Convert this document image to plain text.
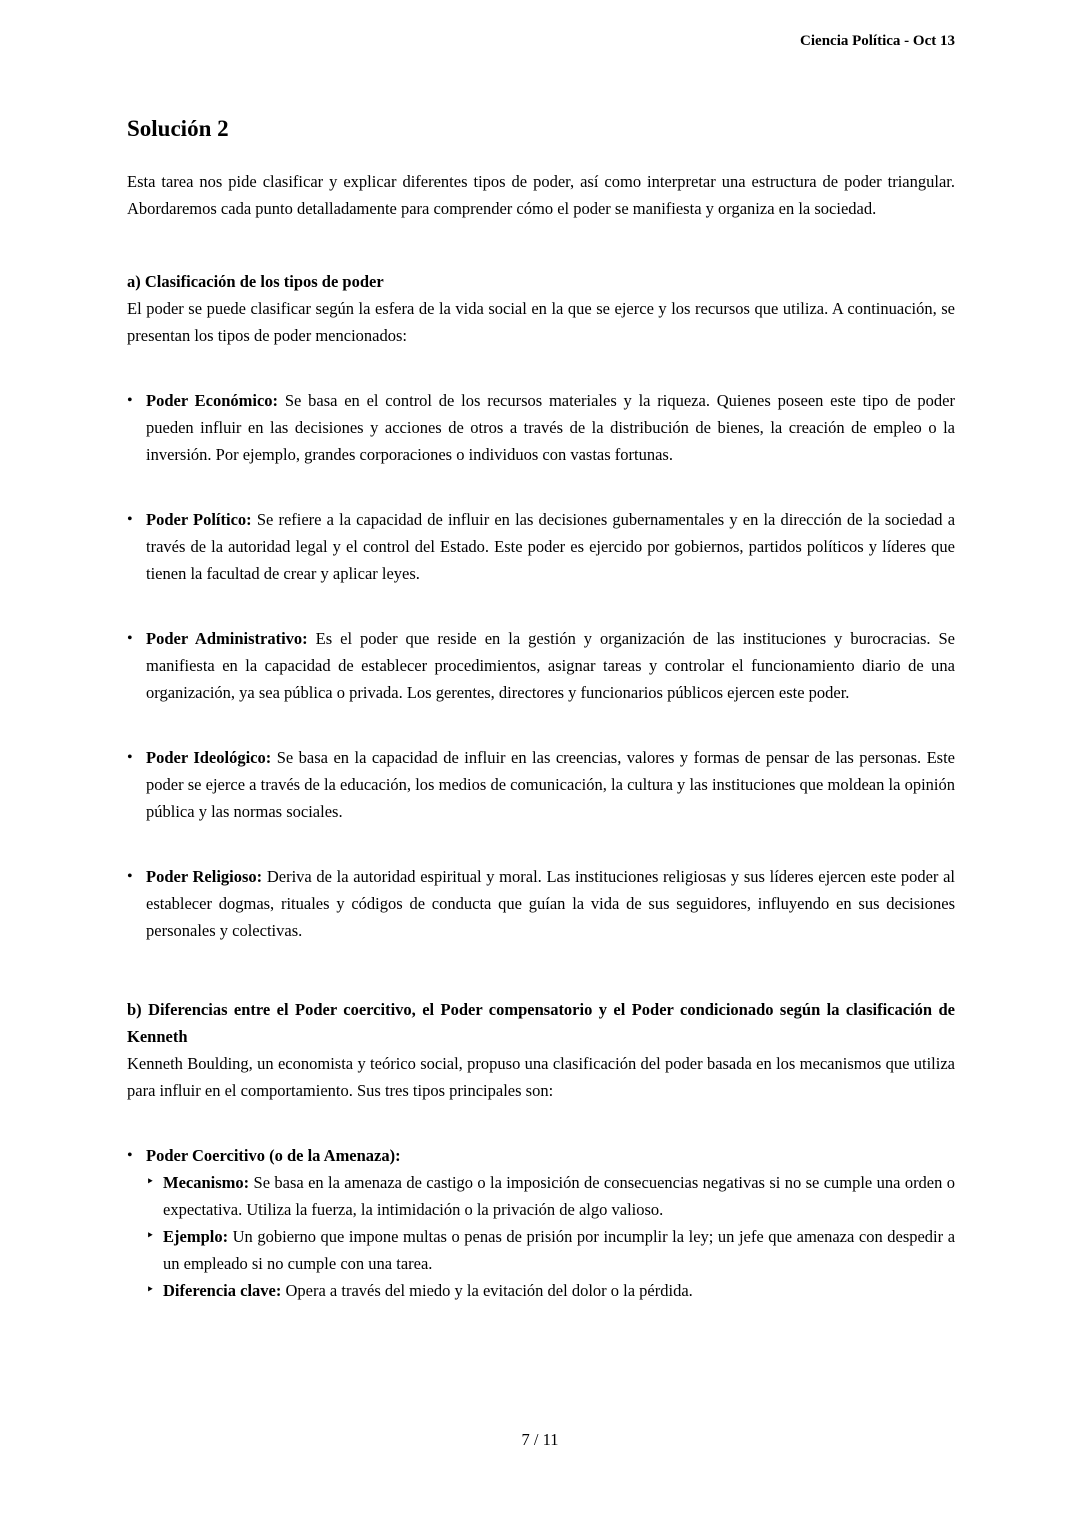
Ciencia Política - Oct 13
Solución 2

Esta tarea nos pide clasificar y explicar diferentes tipos de poder, así como interpretar una estructura de poder triangular. Abordaremos cada punto detalladamente para comprender cómo el poder se manifiesta y organiza en la sociedad.

a) Clasificación de los tipos de poder

El poder se puede clasificar según la esfera de la vida social en la que se ejerce y los recursos que utiliza. A continuación, se presentan los tipos de poder mencionados:

• Poder Económico: Se basa en el control de los recursos materiales y la riqueza. Quienes poseen este tipo de poder pueden influir en las decisiones y acciones de otros a través de la distribución de bienes, la creación de empleo o la inversión. Por ejemplo, grandes corporaciones o individuos con vastas fortunas.

• Poder Político: Se refiere a la capacidad de influir en las decisiones gubernamentales y en la dirección de la sociedad a través de la autoridad legal y el control del Estado. Este poder es ejercido por gobiernos, partidos políticos y líderes que tienen la facultad de crear y aplicar leyes.

• Poder Administrativo: Es el poder que reside en la gestión y organización de las instituciones y burocracias. Se manifiesta en la capacidad de establecer procedimientos, asignar tareas y controlar el funcionamiento diario de una organización, ya sea pública o privada. Los gerentes, directores y funcionarios públicos ejercen este poder.

• Poder Ideológico: Se basa en la capacidad de influir en las creencias, valores y formas de pensar de las personas. Este poder se ejerce a través de la educación, los medios de comunicación, la cultura y las instituciones que moldean la opinión pública y las normas sociales.

• Poder Religioso: Deriva de la autoridad espiritual y moral. Las instituciones religiosas y sus líderes ejercen este poder al establecer dogmas, rituales y códigos de conducta que guían la vida de sus seguidores, influyendo en sus decisiones personales y colectivas.

b) Diferencias entre el Poder coercitivo, el Poder compensatorio y el Poder condicionado según la clasificación de Kenneth

Kenneth Boulding, un economista y teórico social, propuso una clasificación del poder basada en los mecanismos que utiliza para influir en el comportamiento. Sus tres tipos principales son:

• Poder Coercitivo (o de la Amenaza):

‣ Mecanismo: Se basa en la amenaza de castigo o la imposición de consecuencias negativas si no se cumple una orden o expectativa. Utiliza la fuerza, la intimidación o la privación de algo valioso.

‣ Ejemplo: Un gobierno que impone multas o penas de prisión por incumplir la ley; un jefe que amenaza con despedir a un empleado si no cumple con una tarea.

‣ Diferencia clave: Opera a través del miedo y la evitación del dolor o la pérdida.

7 / 11
